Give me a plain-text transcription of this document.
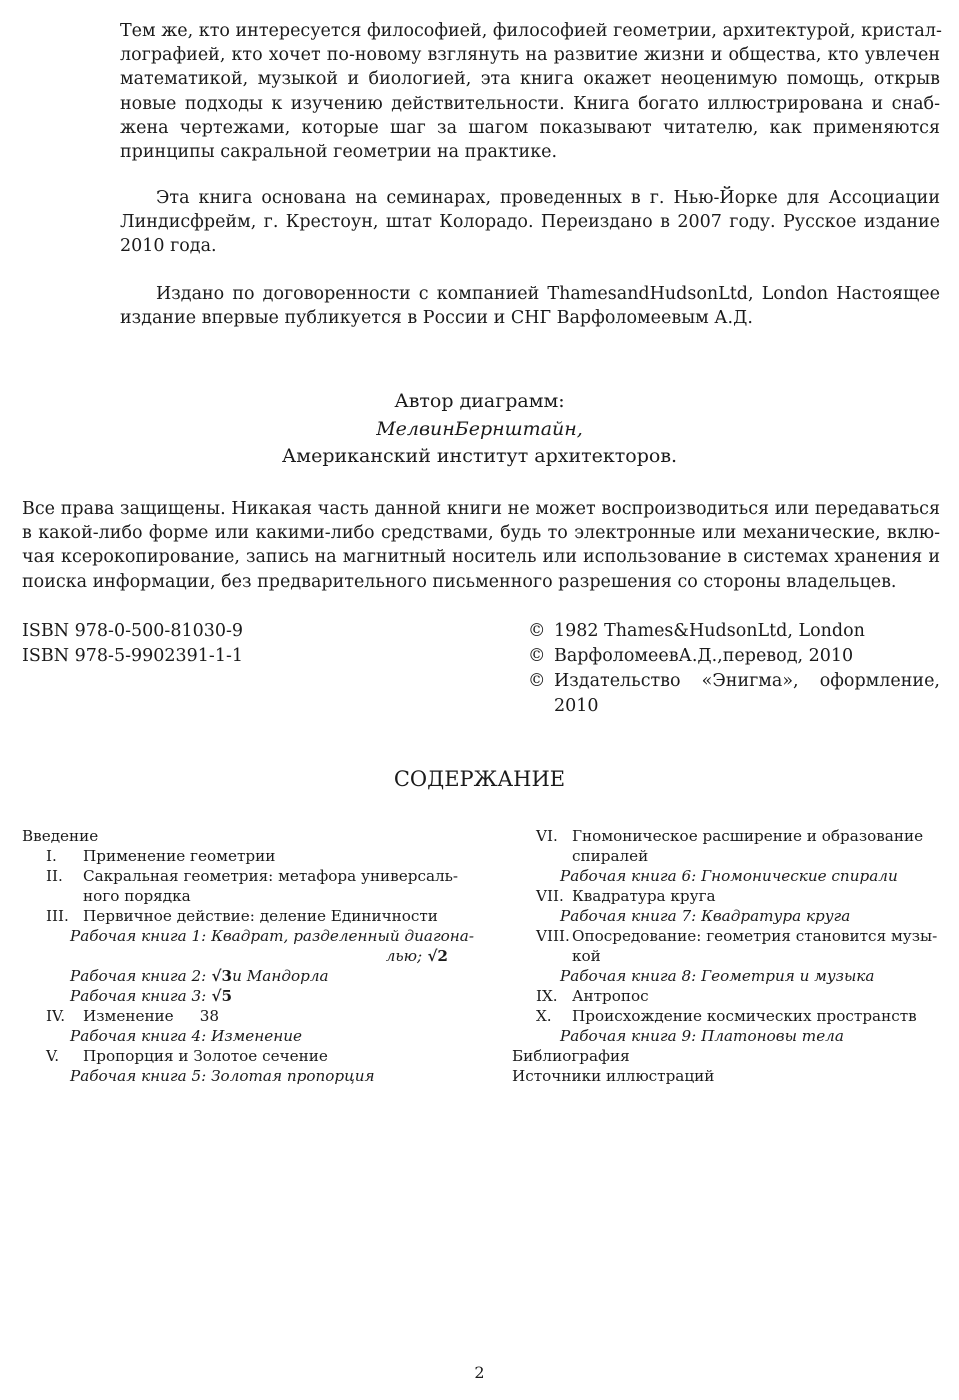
Тем же, кто интересуется философией, философией геометрии, архитектурой, кристал-
лографией, кто хочет по-новому взглянуть на развитие жизни и общества, кто увлечен
математикой, музыкой и биологией, эта книга окажет неоценимую помощь, открыв
новые подходы к изучению действительности. Книга богато иллюстрирована и снаб-
жена чертежами, которые шаг за шагом показывают читателю, как применяются
принципы сакральной геометрии на практике.
Эта книга основана на семинарах, проведенных в г. Нью-Йорке для Ассоциации
Линдисфрейм, г. Крестоун, штат Колорадо. Переиздано в 2007 году. Русское издание
2010 года.
Издано по договоренности с компанией ThamesandHudsonLtd, London Настоящее
издание впервые публикуется в России и СНГ Варфоломеевым А.Д.
Автор диаграмм:
МелвинБернштайн,
Американский институт архитекторов.
Все права защищены. Никакая часть данной книги не может воспроизводиться или передаваться
в какой-либо форме или какими-либо средствами, будь то электронные или механические, вклю-
чая ксерокопирование, запись на магнитный носитель или использование в системах хранения и
поиска информации, без предварительного письменного разрешения со стороны владельцев.
ISBN 978-0-500-81030-9
ISBN 978-5-9902391-1-1
© 1982 Thames&HudsonLtd, London
© ВарфоломеевА.Д.,перевод, 2010
© Издательство «Энигма», оформление,
2010
СОДЕРЖАНИЕ
Введение
I. Применение геометрии
II. Сакральная геометрия: метафора универсаль-
ного порядка
III. Первичное действие: деление Единичности
Рабочая книга 1: Квадрат, разделенный диагона-
лью; √2
Рабочая книга 2: √3и Мандорла
Рабочая книга 3: √5
IV. Изменение 38
Рабочая книга 4: Изменение
V. Пропорция и Золотое сечение
Рабочая книга 5: Золотая пропорция
VI. Гномоническое расширение и образование
спиралей
Рабочая книга 6: Гномонические спирали
VII. Квадратура круга
Рабочая книга 7: Квадратура круга
VIII. Опосредование: геометрия становится музы-
кой
Рабочая книга 8: Геометрия и музыка
IX. Антропос
X. Происхождение космических пространств
Рабочая книга 9: Платоновы тела
Библиография
Источники иллюстраций
2
